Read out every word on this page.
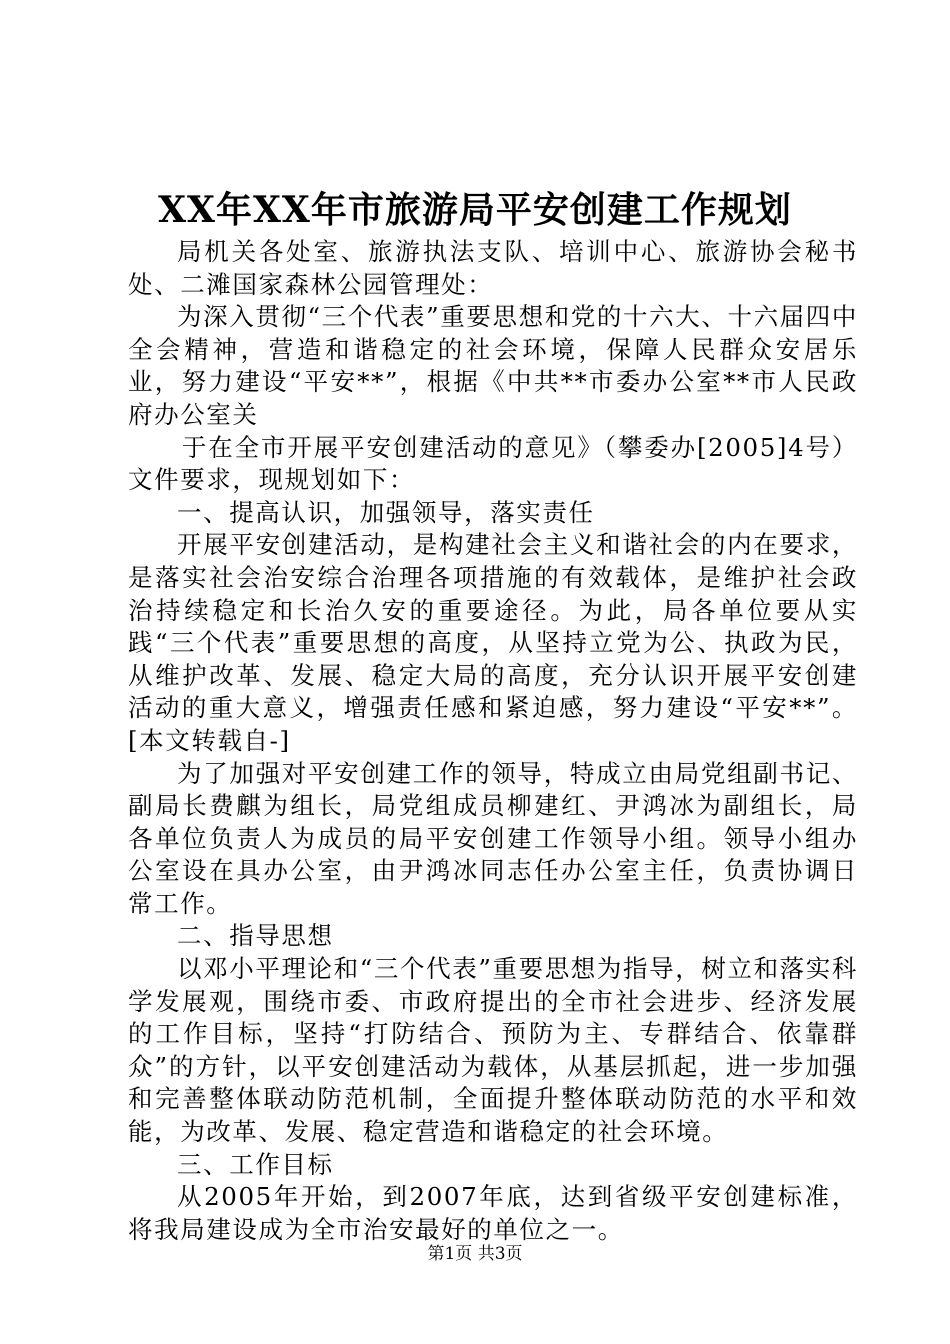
XX年XX年市旅游局平安创建工作规划

局机关各处室、旅游执法支队、培训中心、旅游协会秘书处、二滩国家森林公园管理处：

为深入贯彻“三个代表”重要思想和党的十六大、十六届四中全会精神，营造和谐稳定的社会环境，保障人民群众安居乐业，努力建设“平安**”，根据《中共**市委办公室**市人民政府办公室关

于在全市开展平安创建活动的意见》（攀委办[2005]4号）文件要求，现规划如下：

一、提高认识，加强领导，落实责任

开展平安创建活动，是构建社会主义和谐社会的内在要求，是落实社会治安综合治理各项措施的有效载体，是维护社会政治持续稳定和长治久安的重要途径。为此，局各单位要从实践“三个代表”重要思想的高度，从坚持立党为公、执政为民，从维护改革、发展、稳定大局的高度，充分认识开展平安创建活动的重大意义，增强责任感和紧迫感，努力建设“平安**”。[本文转载自-]

为了加强对平安创建工作的领导，特成立由局党组副书记、副局长费麒为组长，局党组成员柳建红、尹鸿冰为副组长，局各单位负责人为成员的局平安创建工作领导小组。领导小组办公室设在具办公室，由尹鸿冰同志任办公室主任，负责协调日常工作。

二、指导思想

以邓小平理论和“三个代表”重要思想为指导，树立和落实科学发展观，围绕市委、市政府提出的全市社会进步、经济发展的工作目标，坚持“打防结合、预防为主、专群结合、依靠群众”的方针，以平安创建活动为载体，从基层抓起，进一步加强和完善整体联动防范机制，全面提升整体联动防范的水平和效能，为改革、发展、稳定营造和谐稳定的社会环境。

三、工作目标

从2005年开始，到2007年底，达到省级平安创建标准，将我局建设成为全市治安最好的单位之一。

第1页 共3页
